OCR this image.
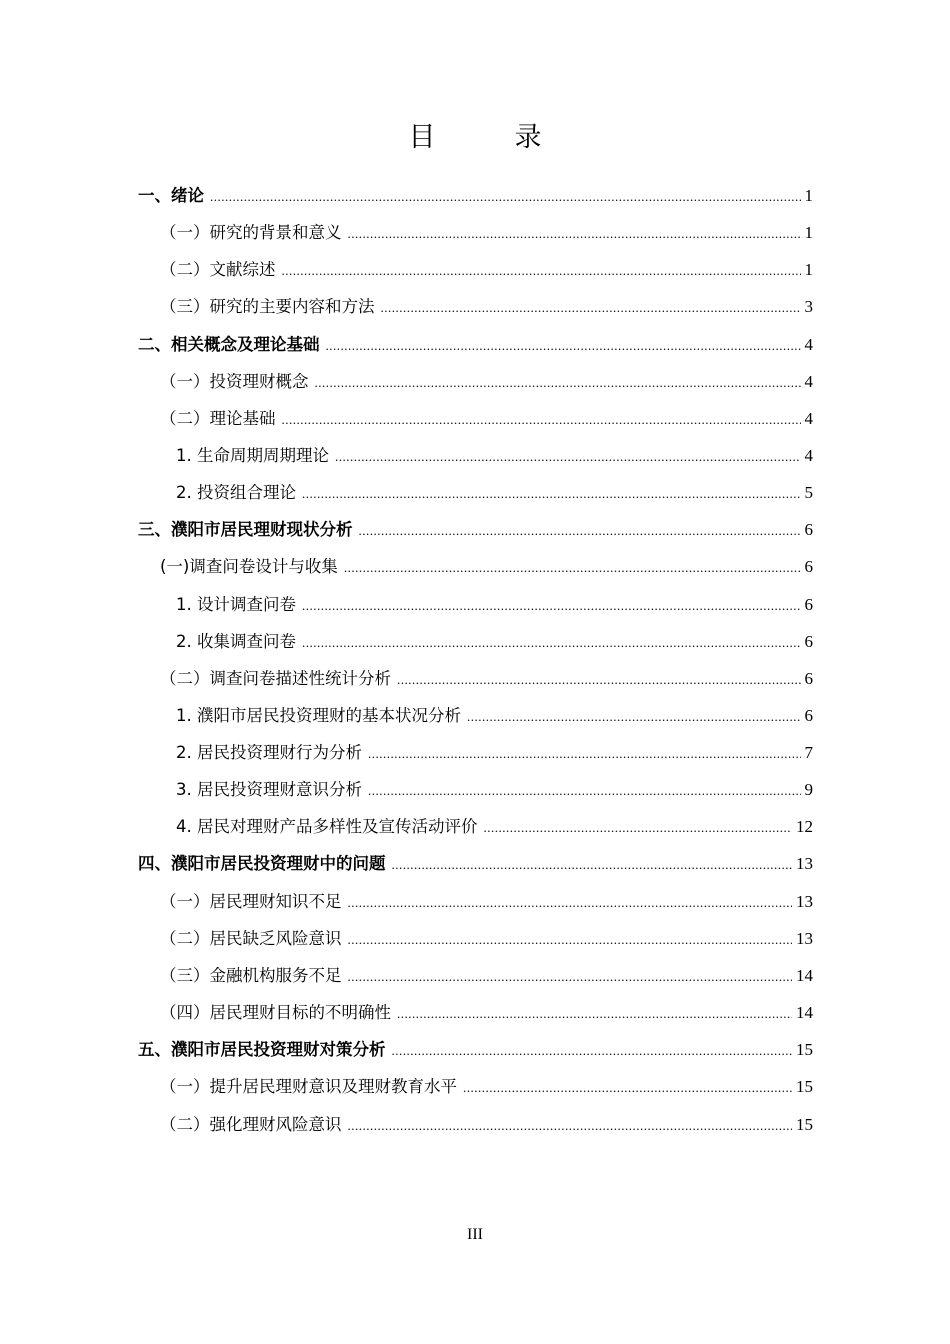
目　录
一、绪论 .....	1
（一）研究的背景和意义 .....	1
（二）文献综述 .....	1
（三）研究的主要内容和方法 .....	3
二、相关概念及理论基础 .....	4
（一）投资理财概念 .....	4
（二）理论基础 .....	4
1. 生命周期周期理论 .....	4
2. 投资组合理论 .....	5
三、濮阳市居民理财现状分析 .....	6
(一)调查问卷设计与收集 .....	6
1. 设计调查问卷 .....	6
2. 收集调查问卷 .....	6
（二）调查问卷描述性统计分析 .....	6
1. 濮阳市居民投资理财的基本状况分析 .....	6
2. 居民投资理财行为分析 .....	7
3. 居民投资理财意识分析 .....	9
4. 居民对理财产品多样性及宣传活动评价 .....	12
四、濮阳市居民投资理财中的问题 .....	13
（一）居民理财知识不足 .....	13
（二）居民缺乏风险意识 .....	13
（三）金融机构服务不足 .....	14
（四）居民理财目标的不明确性 .....	14
五、濮阳市居民投资理财对策分析 .....	15
（一）提升居民理财意识及理财教育水平 .....	15
（二）强化理财风险意识 .....	15
III
